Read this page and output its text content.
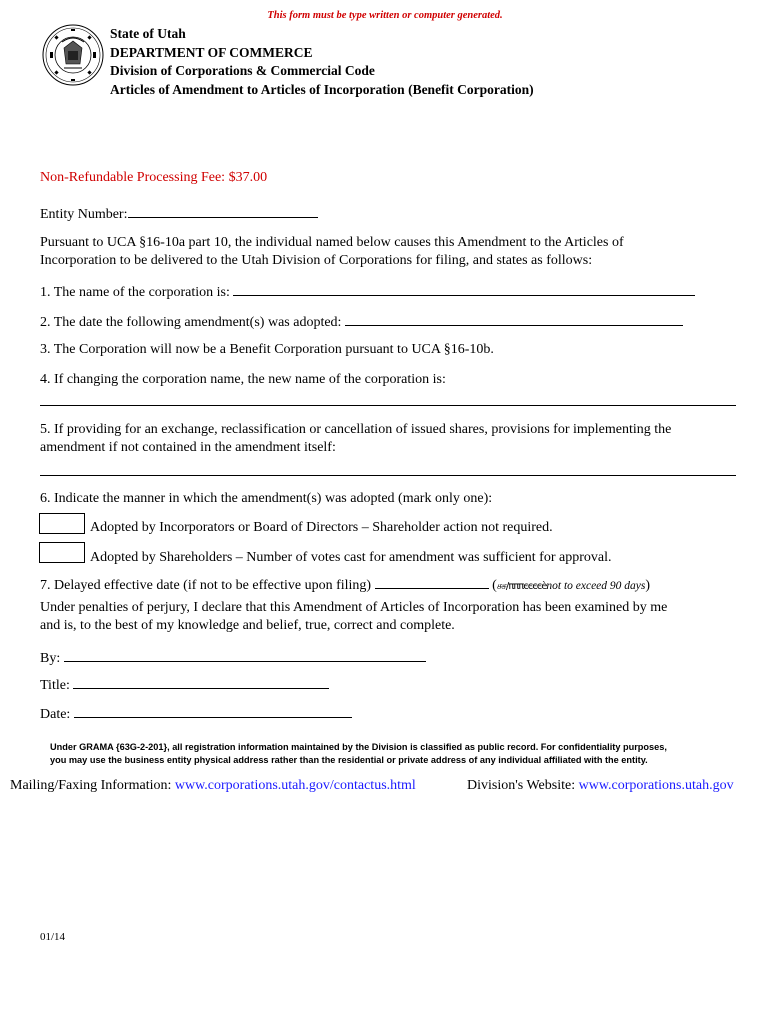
This form must be type written or computer generated.
State of Utah
DEPARTMENT OF COMMERCE
Division of Corporations & Commercial Code
Articles of Amendment to Articles of Incorporation (Benefit Corporation)
Non-Refundable Processing Fee: $37.00
Entity Number:
Pursuant to UCA §16-10a part 10, the individual named below causes this Amendment to the Articles of
Incorporation to be delivered to the Utah Division of Corporations for filing, and states as follows:
1. The name of the corporation is:
2. The date the following amendment(s) was adopted:
3. The Corporation will now be a Benefit Corporation pursuant to UCA §16-10b.
4. If changing the corporation name, the new name of the corporation is:
5. If providing for an exchange, reclassification or cancellation of issued shares, provisions for implementing the
amendment if not contained in the amendment itself:
6. Indicate the manner in which the amendment(s) was adopted (mark only one):
Adopted by Incorporators or Board of Directors – Shareholder action not required.
Adopted by Shareholders – Number of votes cast for amendment was sufficient for approval.
7. Delayed effective date (if not to be effective upon filing)	(சச/πππєєєєènot to exceed 90 days)
Under penalties of perjury, I declare that this Amendment of Articles of Incorporation has been examined by me
and is, to the best of my knowledge and belief, true, correct and complete.
By:
Title:
Date:
Under GRAMA {63G-2-201}, all registration information maintained by the Division is classified as public record. For confidentiality purposes,
you may use the business entity physical address rather than the residential or private address of any individual affiliated with the entity.
Mailing/Faxing Information: www.corporations.utah.gov/contactus.html	Division's Website: www.corporations.utah.gov
01/14
